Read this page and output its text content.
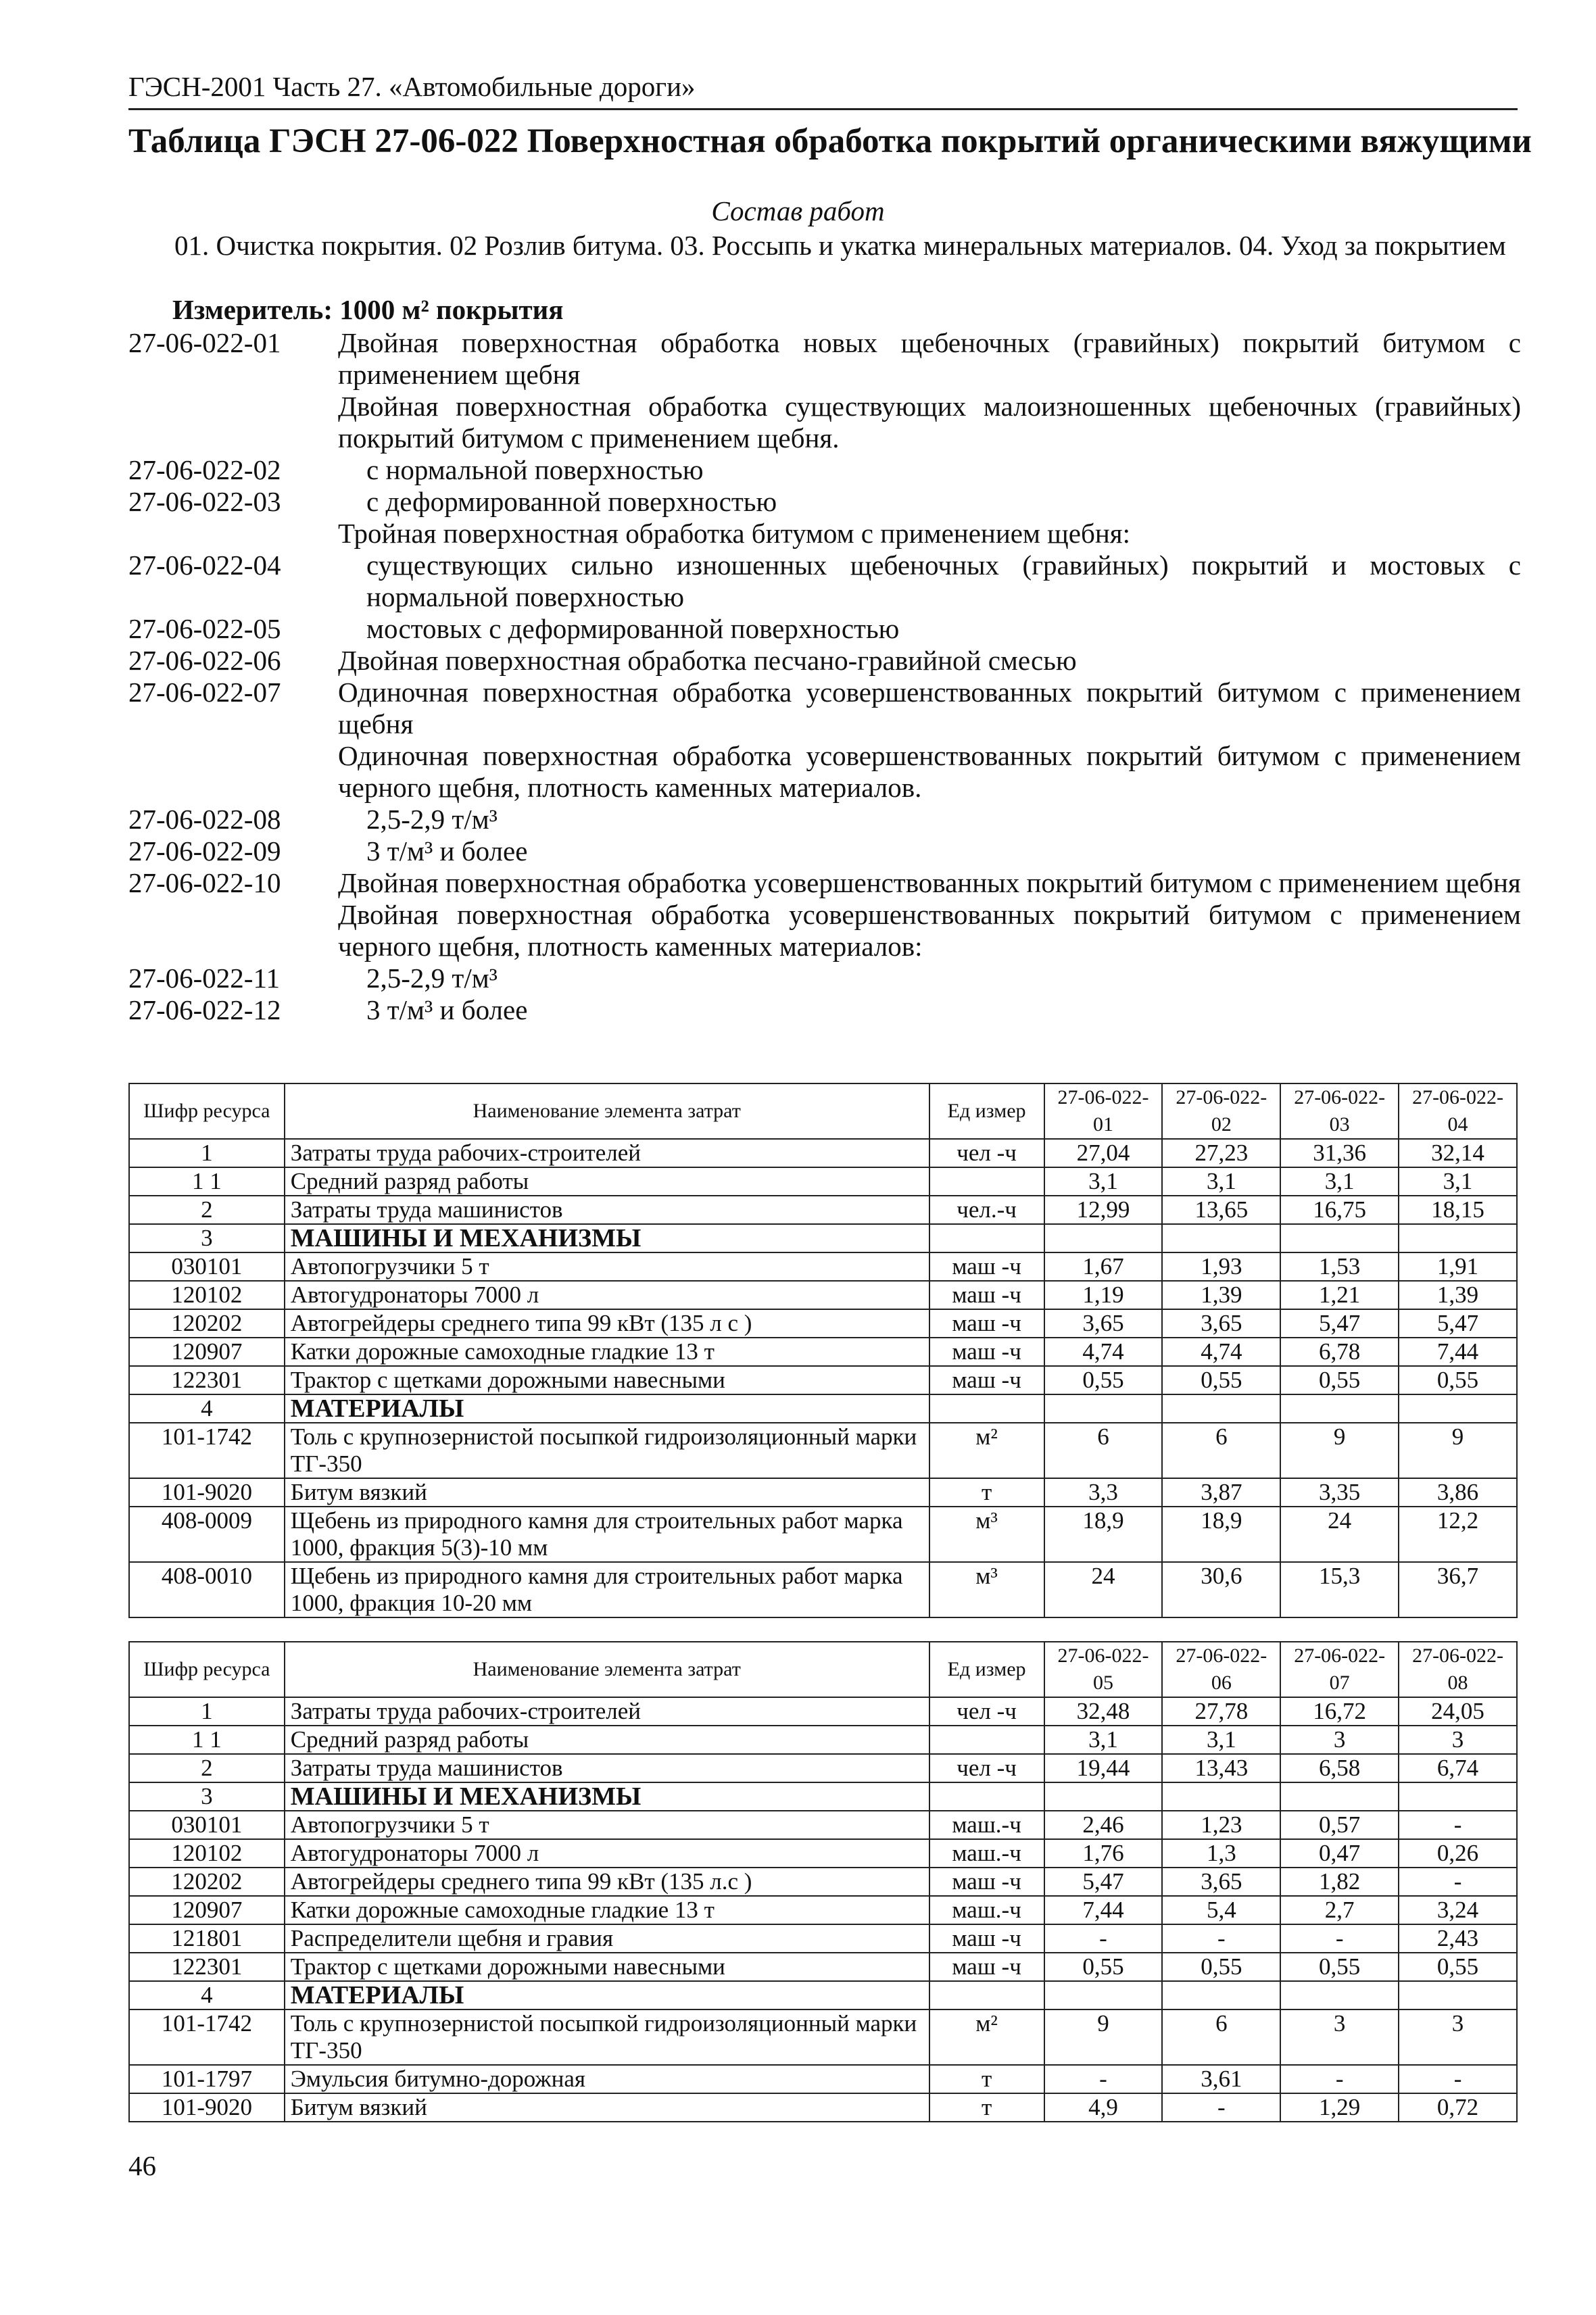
ГЭСН-2001 Часть 27. «Автомобильные дороги»
Таблица ГЭСН 27-06-022 Поверхностная обработка покрытий органическими вяжущими
Состав работ
01. Очистка покрытия. 02 Розлив битума. 03. Россыпь и укатка минеральных материалов. 04. Уход за покрытием
Измеритель: 1000 м² покрытия
27-06-022-01	Двойная поверхностная обработка новых щебеночных (гравийных) покрытий битумом с применением щебня
Двойная поверхностная обработка существующих малоизношенных щебеночных (гравийных) покрытий битумом с применением щебня.
27-06-022-02	с нормальной поверхностью
27-06-022-03	с деформированной поверхностью
Тройная поверхностная обработка битумом с применением щебня:
27-06-022-04	существующих сильно изношенных щебеночных (гравийных) покрытий и мостовых с нормальной поверхностью
27-06-022-05	мостовых с деформированной поверхностью
27-06-022-06	Двойная поверхностная обработка песчано-гравийной смесью
27-06-022-07	Одиночная поверхностная обработка усовершенствованных покрытий битумом с применением щебня
Одиночная поверхностная обработка усовершенствованных покрытий битумом с применением черного щебня, плотность каменных материалов.
27-06-022-08	2,5-2,9 т/м³
27-06-022-09	3 т/м³ и более
27-06-022-10	Двойная поверхностная обработка усовершенствованных покрытий битумом с применением щебня
Двойная поверхностная обработка усовершенствованных покрытий битумом с применением черного щебня, плотность каменных материалов:
27-06-022-11	2,5-2,9 т/м³
27-06-022-12	3 т/м³ и более
Шифр ресурса	Наименование элемента затрат	Ед измер	27-06-022-01	27-06-022-02	27-06-022-03	27-06-022-04
1	Затраты труда рабочих-строителей	чел -ч	27,04	27,23	31,36	32,14
1 1	Средний разряд работы		3,1	3,1	3,1	3,1
2	Затраты труда машинистов	чел.-ч	12,99	13,65	16,75	18,15
3	МАШИНЫ И МЕХАНИЗМЫ					
030101	Автопогрузчики 5 т	маш -ч	1,67	1,93	1,53	1,91
120102	Автогудронаторы 7000 л	маш -ч	1,19	1,39	1,21	1,39
120202	Автогрейдеры среднего типа 99 кВт (135 л с )	маш -ч	3,65	3,65	5,47	5,47
120907	Катки дорожные самоходные гладкие 13 т	маш -ч	4,74	4,74	6,78	7,44
122301	Трактор с щетками дорожными навесными	маш -ч	0,55	0,55	0,55	0,55
4	МАТЕРИАЛЫ					
101-1742	Толь с крупнозернистой посыпкой гидроизоляционный марки ТГ-350	м²	6	6	9	9
101-9020	Битум вязкий	т	3,3	3,87	3,35	3,86
408-0009	Щебень из природного камня для строительных работ марка 1000, фракция 5(3)-10 мм	м³	18,9	18,9	24	12,2
408-0010	Щебень из природного камня для строительных работ марка 1000, фракция 10-20 мм	м³	24	30,6	15,3	36,7
Шифр ресурса	Наименование элемента затрат	Ед измер	27-06-022-05	27-06-022-06	27-06-022-07	27-06-022-08
1	Затраты труда рабочих-строителей	чел -ч	32,48	27,78	16,72	24,05
1 1	Средний разряд работы		3,1	3,1	3	3
2	Затраты труда машинистов	чел -ч	19,44	13,43	6,58	6,74
3	МАШИНЫ И МЕХАНИЗМЫ					
030101	Автопогрузчики 5 т	маш.-ч	2,46	1,23	0,57	-
120102	Автогудронаторы 7000 л	маш.-ч	1,76	1,3	0,47	0,26
120202	Автогрейдеры среднего типа 99 кВт (135 л.с )	маш -ч	5,47	3,65	1,82	-
120907	Катки дорожные самоходные гладкие 13 т	маш.-ч	7,44	5,4	2,7	3,24
121801	Распределители щебня и гравия	маш -ч	-	-	-	2,43
122301	Трактор с щетками дорожными навесными	маш -ч	0,55	0,55	0,55	0,55
4	МАТЕРИАЛЫ					
101-1742	Толь с крупнозернистой посыпкой гидроизоляционный марки ТГ-350	м²	9	6	3	3
101-1797	Эмульсия битумно-дорожная	т	-	3,61	-	-
101-9020	Битум вязкий	т	4,9	-	1,29	0,72
46
